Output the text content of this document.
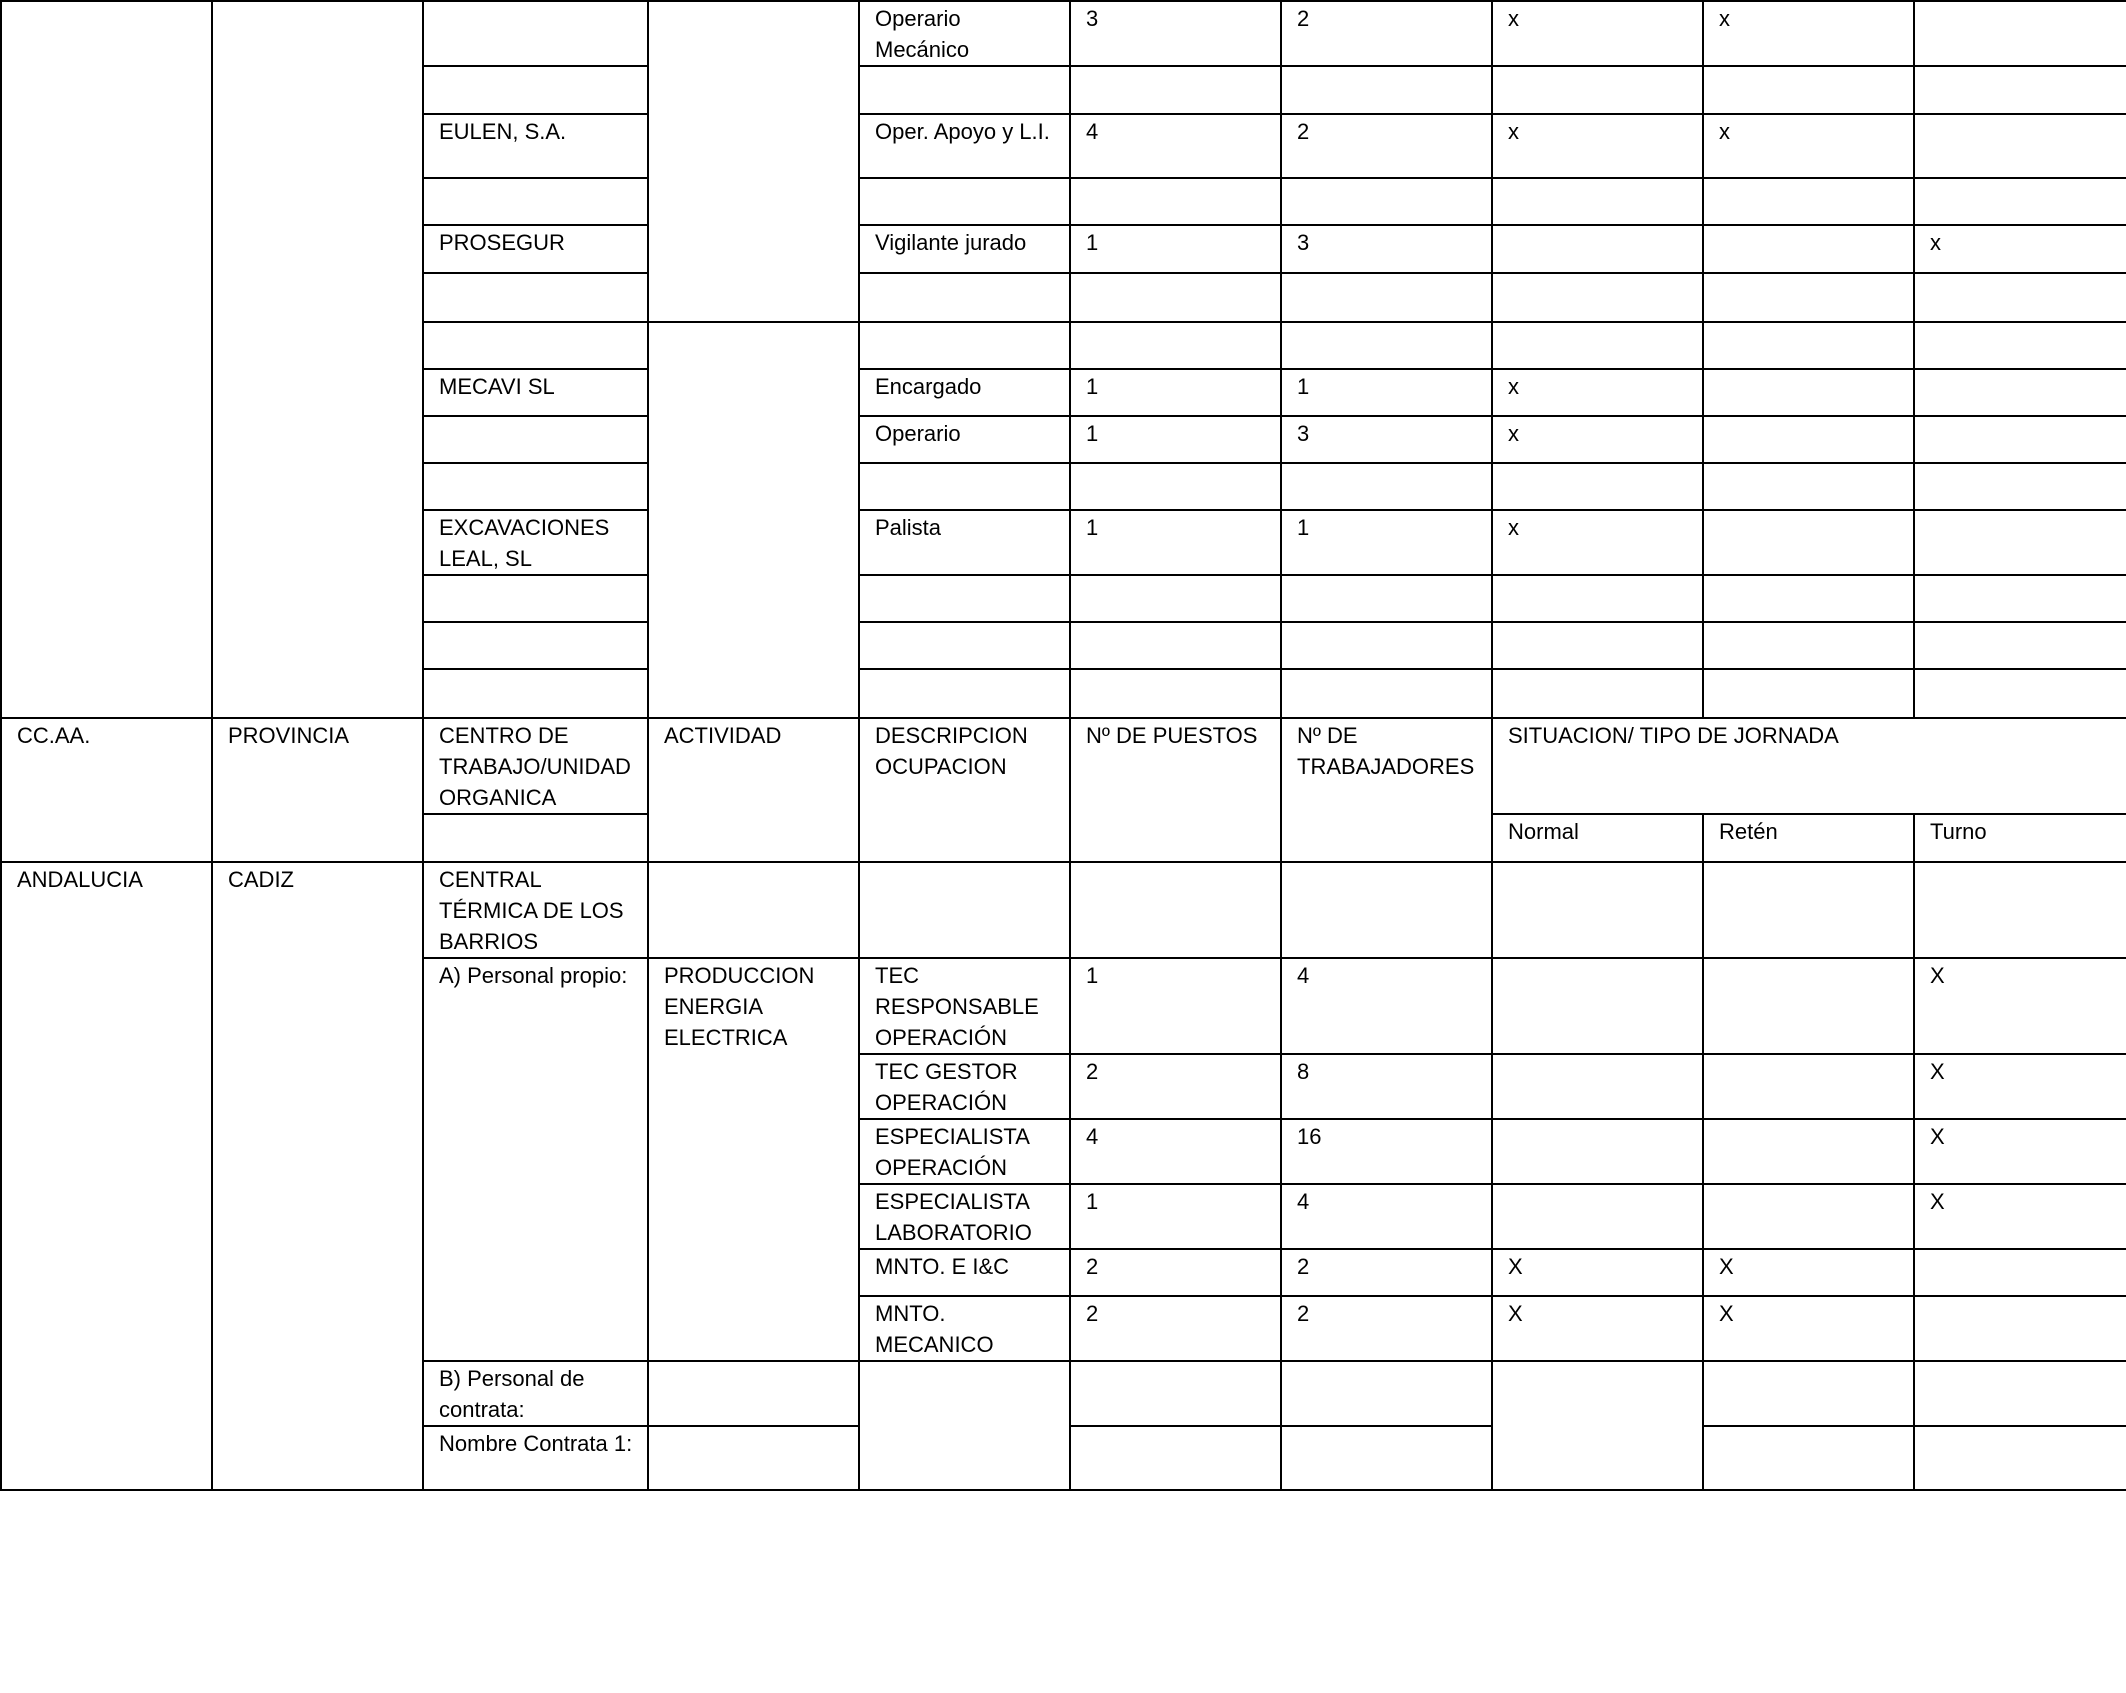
				Operario Mecánico	3	2	x	x	

		EULEN, S.A.		Oper. Apoyo y L.I.	4	2	x	x	

		PROSEGUR		Vigilante jurado	1	3			x

		MECAVI SL		Encargado	1	1	x		
				Operario	1	3	x		

		EXCAVACIONES LEAL, SL		Palista	1	1	x		

CC.AA.	PROVINCIA	CENTRO DE TRABAJO/UNIDAD ORGANICA	ACTIVIDAD	DESCRIPCION OCUPACION	Nº DE PUESTOS	Nº DE TRABAJADORES	SITUACION/ TIPO DE JORNADA		
							Normal	Retén	Turno
ANDALUCIA	CADIZ	CENTRAL TÉRMICA DE LOS BARRIOS							
		A) Personal propio:	PRODUCCION ENERGIA ELECTRICA	TEC RESPONSABLE OPERACIÓN	1	4			X
				TEC GESTOR OPERACIÓN	2	8			X
				ESPECIALISTA OPERACIÓN	4	16			X
				ESPECIALISTA LABORATORIO	1	4			X
				MNTO. E I&C	2	2	X	X	
				MNTO. MECANICO	2	2	X	X	
		B) Personal de contrata:							
		Nombre Contrata 1:							
